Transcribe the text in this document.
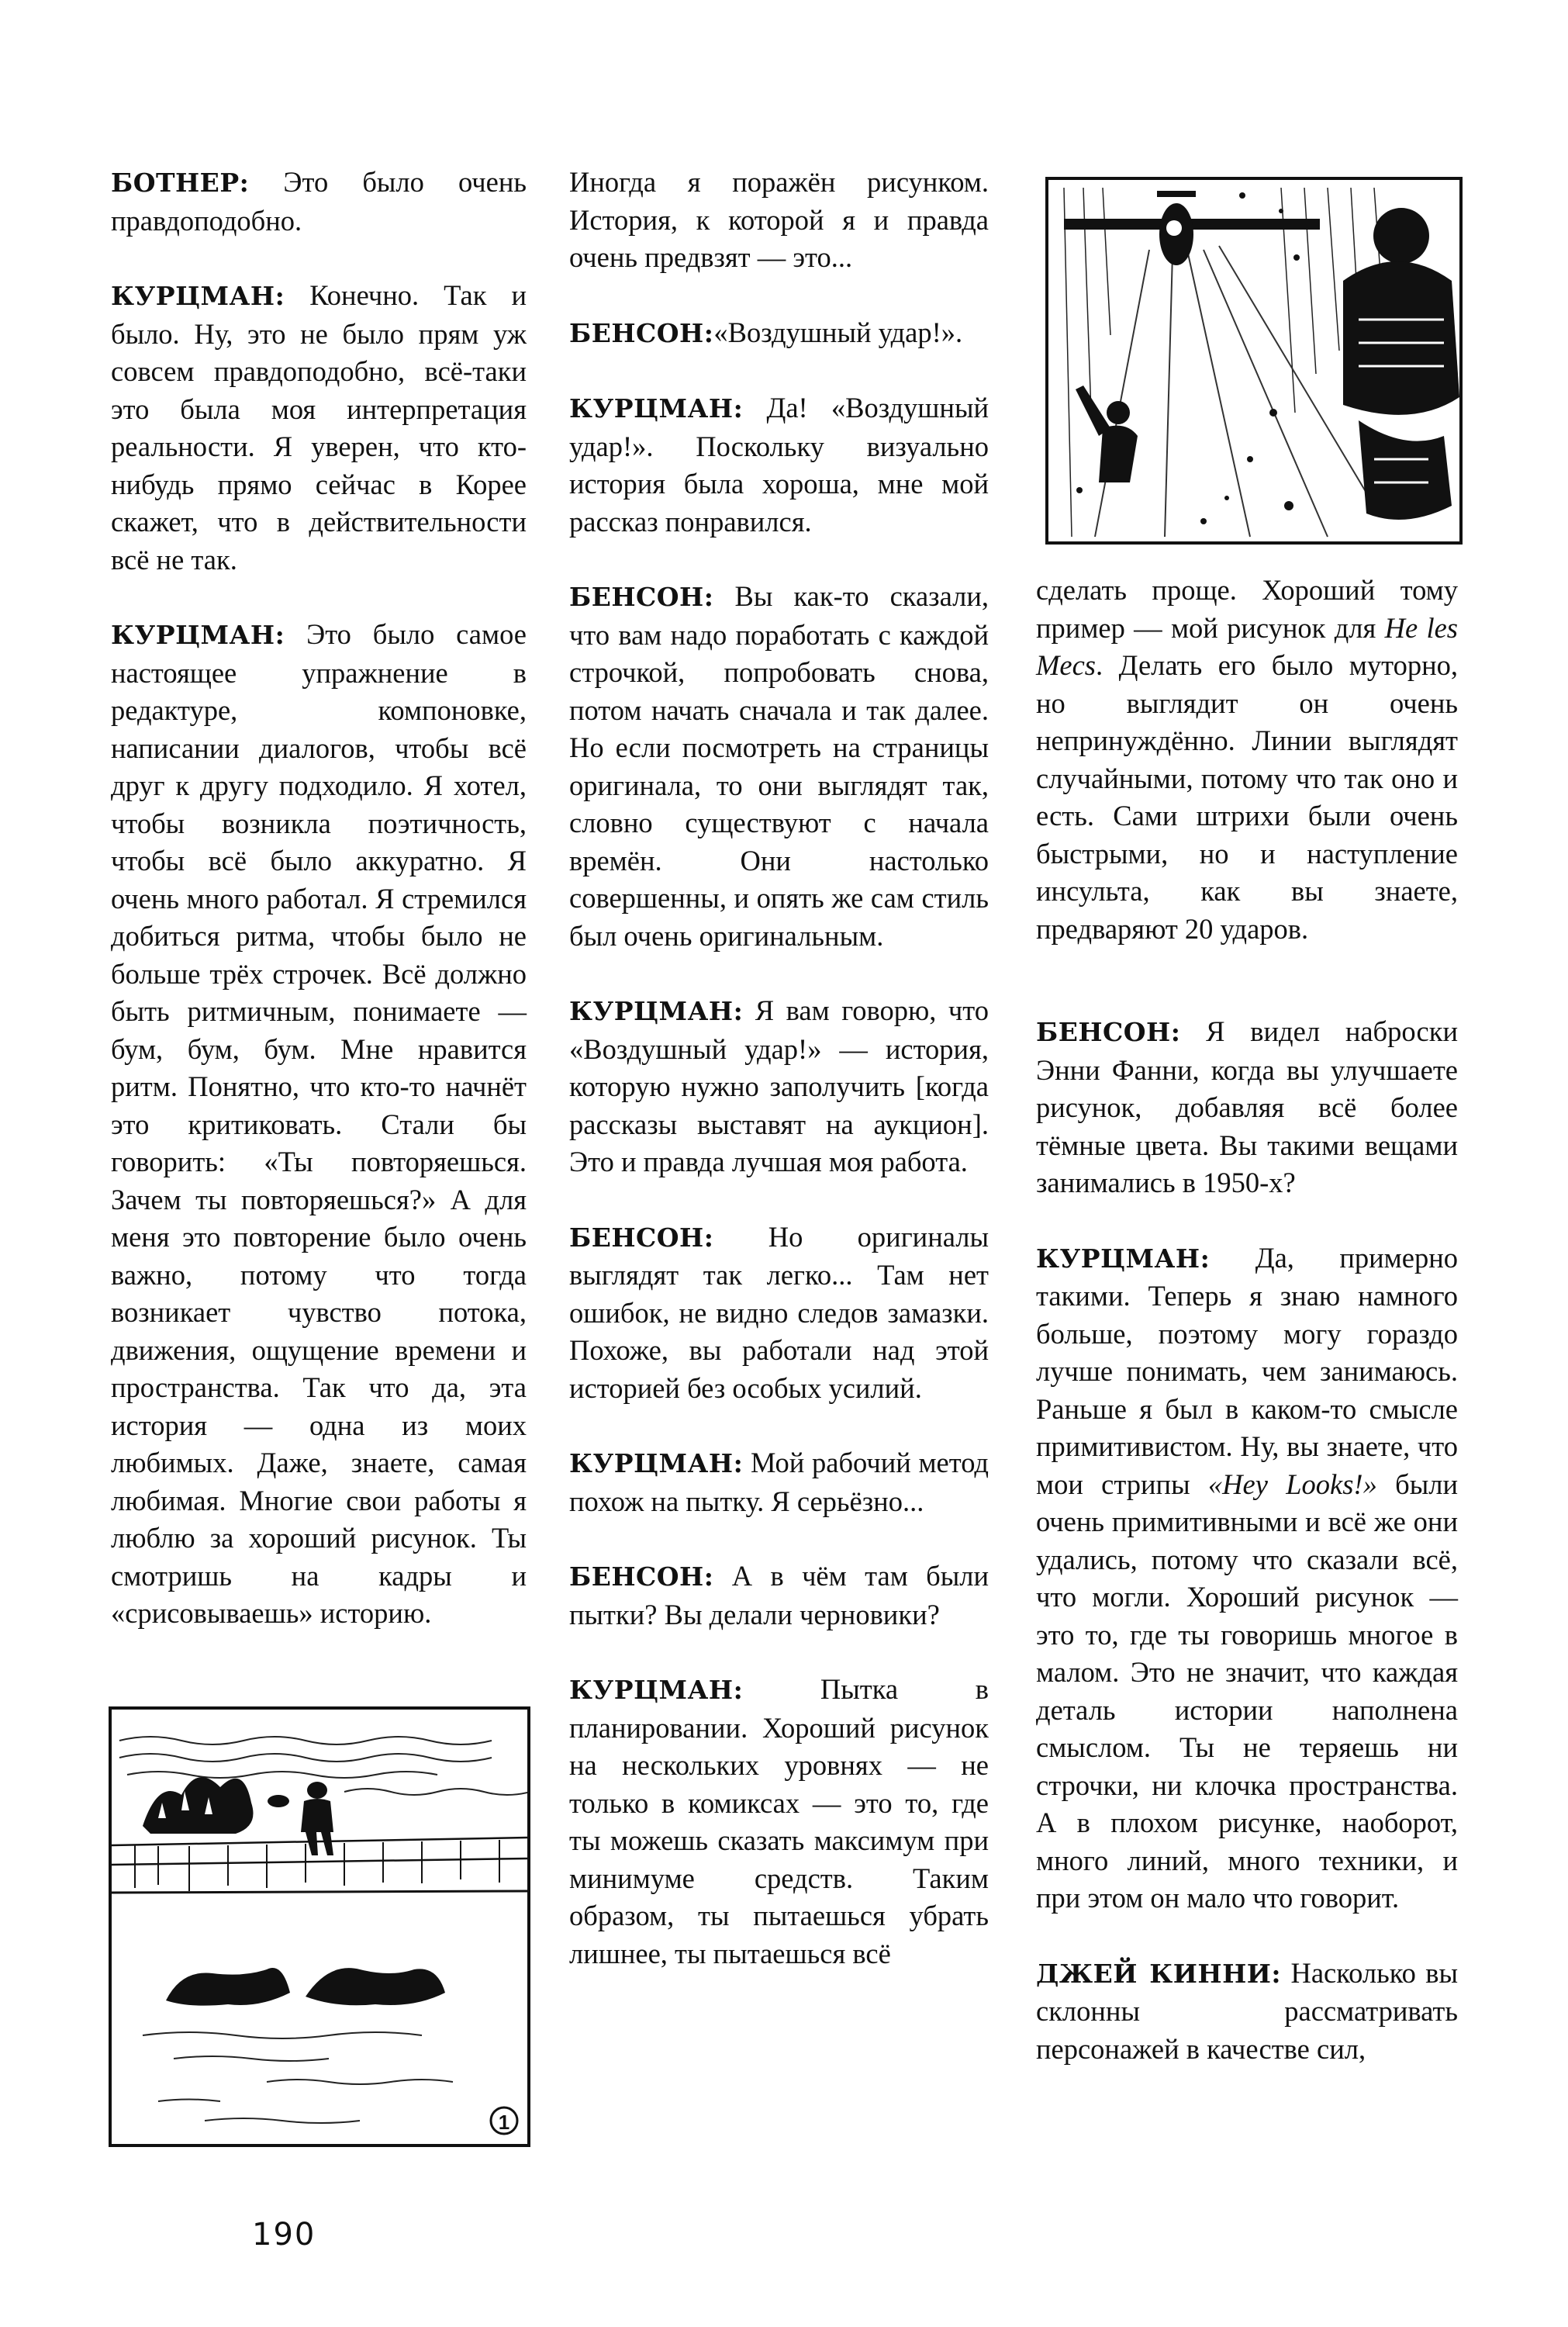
БОТНЕР: Это было очень правдоподобно.

КУРЦМАН: Конечно. Так и было. Ну, это не было прям уж совсем правдоподобно, всё-таки это была моя интерпретация реальности. Я уверен, что кто-нибудь прямо сейчас в Корее скажет, что в действительности всё не так.

КУРЦМАН: Это было самое настоящее упражнение в редактуре, компоновке, написании диалогов, чтобы всё друг к другу подходило. Я хотел, чтобы возникла поэтичность, чтобы всё было аккуратно. Я очень много работал. Я стремился добиться ритма, чтобы было не больше трёх строчек. Всё должно быть ритмичным, понимаете — бум, бум, бум. Мне нравится ритм. Понятно, что кто-то начнёт это критиковать. Стали бы говорить: «Ты повторяешься. Зачем ты повторяешься?» А для меня это повторение было очень важно, потому что тогда возникает чувство потока, движения, ощущение времени и пространства. Так что да, эта история — одна из моих любимых. Даже, знаете, самая любимая. Многие свои работы я люблю за хороший рисунок. Ты смотришь на кадры и «срисовываешь» историю.

Иногда я поражён рисунком. История, к которой я и правда очень предвзят — это...

БЕНСОН:«Воздушный удар!».

КУРЦМАН: Да! «Воздушный удар!». Поскольку визуально история была хороша, мне мой рассказ понравился.

БЕНСОН: Вы как-то сказали, что вам надо поработать с каждой строчкой, попробовать снова, потом начать сначала и так далее. Но если посмотреть на страницы оригинала, то они выглядят так, словно существуют с начала времён. Они настолько совершенны, и опять же сам стиль был очень оригинальным.

КУРЦМАН: Я вам говорю, что «Воздушный удар!» — история, которую нужно заполучить [когда рассказы выставят на аукцион]. Это и правда лучшая моя работа.

БЕНСОН: Но оригиналы выглядят так легко... Там нет ошибок, не видно следов замазки. Похоже, вы работали над этой историей без особых усилий.

КУРЦМАН: Мой рабочий метод похож на пытку. Я серьёзно...

БЕНСОН: А в чём там были пытки? Вы делали черновики?

КУРЦМАН: Пытка в планировании. Хороший рисунок на нескольких уровнях — не только в комиксах — это то, где ты можешь сказать максимум при минимуме средств. Таким образом, ты пытаешься убрать лишнее, ты пытаешься всё

сделать проще. Хороший тому пример — мой рисунок для He les Mecs. Делать его было муторно, но выглядит он очень непринуждённо. Линии выглядят случайными, потому что так оно и есть. Сами штрихи были очень быстрыми, но и наступление инсульта, как вы знаете, предваряют 20 ударов.

БЕНСОН: Я видел наброски Энни Фанни, когда вы улучшаете рисунок, добавляя всё более тёмные цвета. Вы такими вещами занимались в 1950-х?

КУРЦМАН: Да, примерно такими. Теперь я знаю намного больше, поэтому могу гораздо лучше понимать, чем занимаюсь. Раньше я был в каком-то смысле примитивистом. Ну, вы знаете, что мои стрипы «Hey Looks!» были очень примитивными и всё же они удались, потому что сказали всё, что могли. Хороший рисунок — это то, где ты говоришь многое в малом. Это не значит, что каждая деталь истории наполнена смыслом. Ты не теряешь ни строчки, ни клочка пространства. А в плохом рисунке, наоборот, много линий, много техники, и при этом он мало что говорит.

ДЖЕЙ КИННИ: Насколько вы склонны рассматривать персонажей в качестве сил,

1
190
